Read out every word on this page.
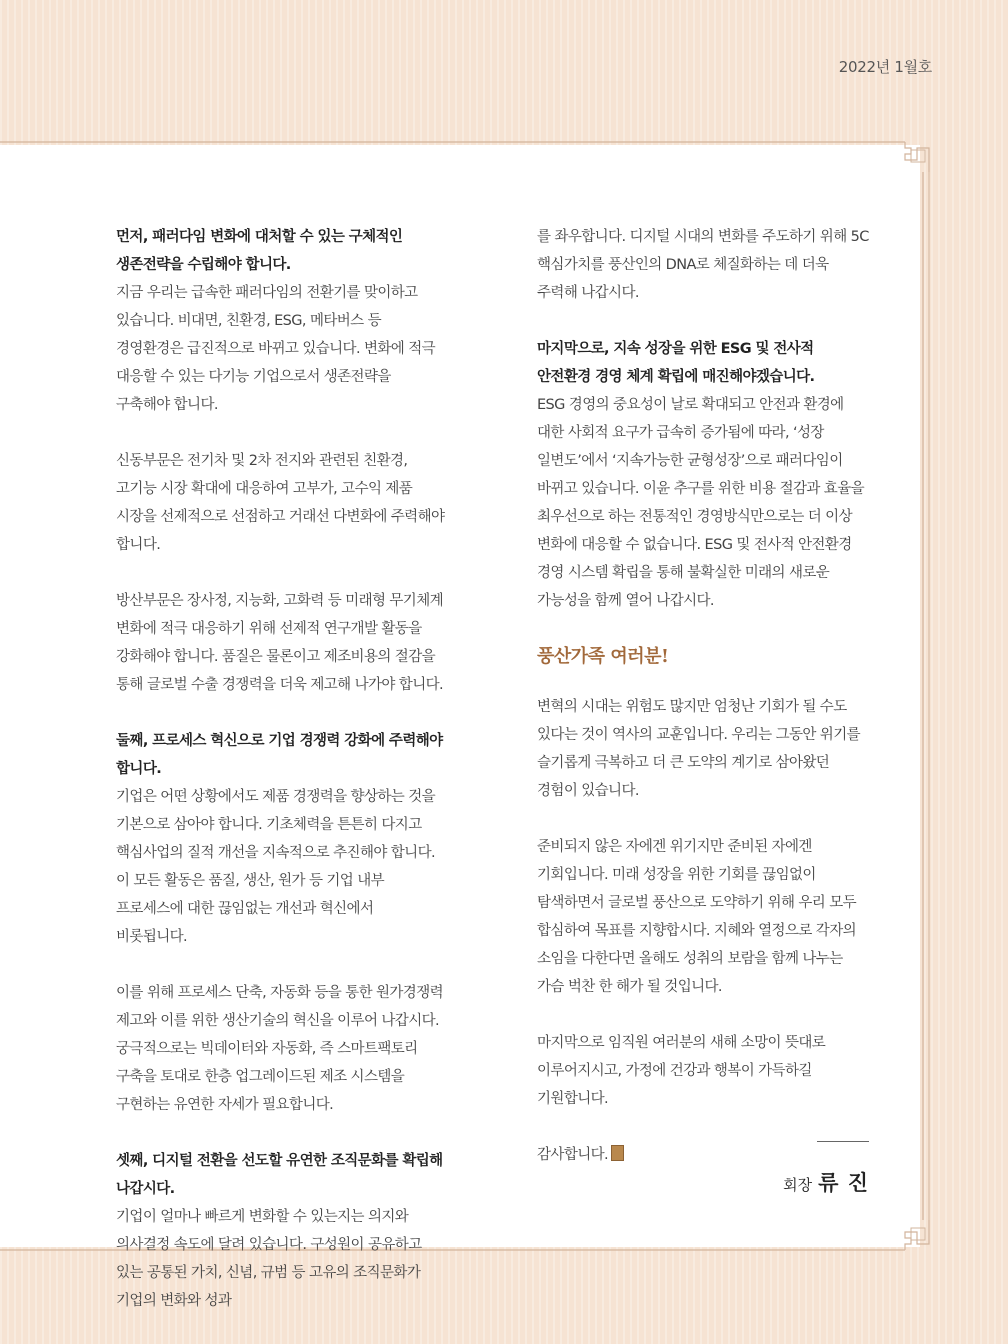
2022년 1월호

먼저, 패러다임 변화에 대처할 수 있는 구체적인 생존전략을 수립해야 합니다.

지금 우리는 급속한 패러다임의 전환기를 맞이하고 있습니다. 비대면, 친환경, ESG, 메타버스 등 경영환경은 급진적으로 바뀌고 있습니다. 변화에 적극 대응할 수 있는 다기능 기업으로서 생존전략을 구축해야 합니다.

신동부문은 전기차 및 2차 전지와 관련된 친환경, 고기능 시장 확대에 대응하여 고부가, 고수익 제품 시장을 선제적으로 선점하고 거래선 다변화에 주력해야 합니다.

방산부문은 장사정, 지능화, 고화력 등 미래형 무기체계 변화에 적극 대응하기 위해 선제적 연구개발 활동을 강화해야 합니다. 품질은 물론이고 제조비용의 절감을 통해 글로벌 수출 경쟁력을 더욱 제고해 나가야 합니다.

둘째, 프로세스 혁신으로 기업 경쟁력 강화에 주력해야 합니다.

기업은 어떤 상황에서도 제품 경쟁력을 향상하는 것을 기본으로 삼아야 합니다. 기초체력을 튼튼히 다지고 핵심사업의 질적 개선을 지속적으로 추진해야 합니다. 이 모든 활동은 품질, 생산, 원가 등 기업 내부 프로세스에 대한 끊임없는 개선과 혁신에서 비롯됩니다.

이를 위해 프로세스 단축, 자동화 등을 통한 원가경쟁력 제고와 이를 위한 생산기술의 혁신을 이루어 나갑시다. 궁극적으로는 빅데이터와 자동화, 즉 스마트팩토리 구축을 토대로 한층 업그레이드된 제조 시스템을 구현하는 유연한 자세가 필요합니다.

셋째, 디지털 전환을 선도할 유연한 조직문화를 확립해 나갑시다.

기업이 얼마나 빠르게 변화할 수 있는지는 의지와 의사결정 속도에 달려 있습니다. 구성원이 공유하고 있는 공통된 가치, 신념, 규범 등 고유의 조직문화가 기업의 변화와 성과

를 좌우합니다. 디지털 시대의 변화를 주도하기 위해 5C 핵심가치를 풍산인의 DNA로 체질화하는 데 더욱 주력해 나갑시다.

마지막으로, 지속 성장을 위한 ESG 및 전사적 안전환경 경영 체계 확립에 매진해야겠습니다.

ESG 경영의 중요성이 날로 확대되고 안전과 환경에 대한 사회적 요구가 급속히 증가됨에 따라, ‘성장 일변도’에서 ‘지속가능한 균형성장’으로 패러다임이 바뀌고 있습니다. 이윤 추구를 위한 비용 절감과 효율을 최우선으로 하는 전통적인 경영방식만으로는 더 이상 변화에 대응할 수 없습니다. ESG 및 전사적 안전환경 경영 시스템 확립을 통해 불확실한 미래의 새로운 가능성을 함께 열어 나갑시다.

풍산가족 여러분!

변혁의 시대는 위험도 많지만 엄청난 기회가 될 수도 있다는 것이 역사의 교훈입니다. 우리는 그동안 위기를 슬기롭게 극복하고 더 큰 도약의 계기로 삼아왔던 경험이 있습니다.

준비되지 않은 자에겐 위기지만 준비된 자에겐 기회입니다. 미래 성장을 위한 기회를 끊임없이 탐색하면서 글로벌 풍산으로 도약하기 위해 우리 모두 합심하여 목표를 지향합시다. 지혜와 열정으로 각자의 소임을 다한다면 올해도 성취의 보람을 함께 나누는 가슴 벅찬 한 해가 될 것입니다.

마지막으로 임직원 여러분의 새해 소망이 뜻대로 이루어지시고, 가정에 건강과 행복이 가득하길 기원합니다.

감사합니다.

회장 류 진
